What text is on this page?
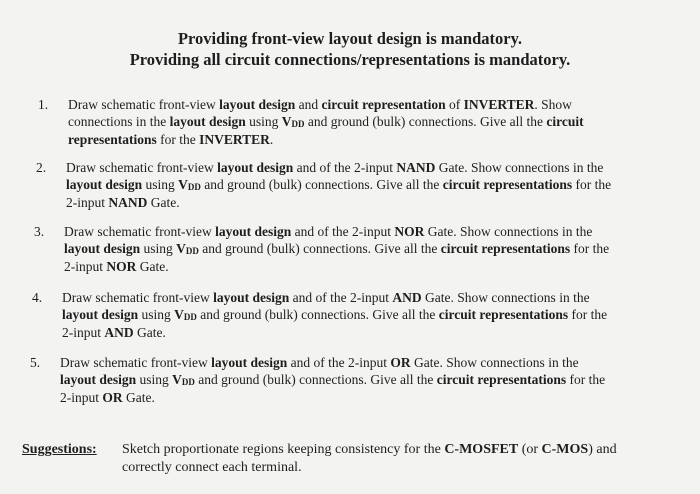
Providing front-view layout design is mandatory.
Providing all circuit connections/representations is mandatory.
1. Draw schematic front-view layout design and circuit representation of INVERTER. Show
connections in the layout design using VDD and ground (bulk) connections. Give all the circuit
representations for the INVERTER.
2. Draw schematic front-view layout design and of the 2-input NAND Gate. Show connections in the
layout design using VDD and ground (bulk) connections. Give all the circuit representations for the
2-input NAND Gate.
3. Draw schematic front-view layout design and of the 2-input NOR Gate. Show connections in the
layout design using VDD and ground (bulk) connections. Give all the circuit representations for the
2-input NOR Gate.
4. Draw schematic front-view layout design and of the 2-input AND Gate. Show connections in the
layout design using VDD and ground (bulk) connections. Give all the circuit representations for the
2-input AND Gate.
5. Draw schematic front-view layout design and of the 2-input OR Gate. Show connections in the
layout design using VDD and ground (bulk) connections. Give all the circuit representations for the
2-input OR Gate.
Suggestions: Sketch proportionate regions keeping consistency for the C-MOSFET (or C-MOS) and
correctly connect each terminal.
